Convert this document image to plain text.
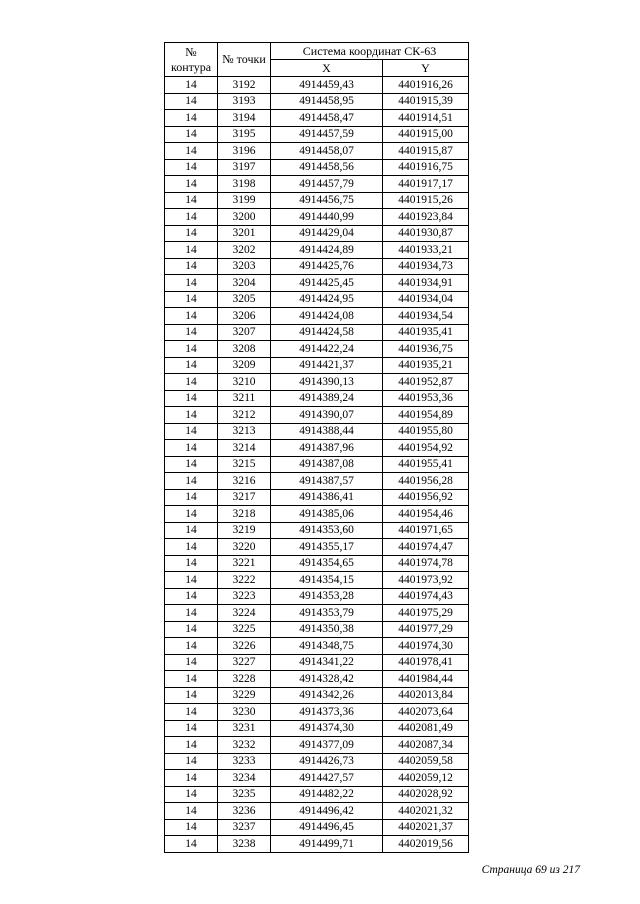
№ контура	№ точки	Система координат СК-63	
		X	Y
14	3192	4914459,43	4401916,26
14	3193	4914458,95	4401915,39
14	3194	4914458,47	4401914,51
14	3195	4914457,59	4401915,00
14	3196	4914458,07	4401915,87
14	3197	4914458,56	4401916,75
14	3198	4914457,79	4401917,17
14	3199	4914456,75	4401915,26
14	3200	4914440,99	4401923,84
14	3201	4914429,04	4401930,87
14	3202	4914424,89	4401933,21
14	3203	4914425,76	4401934,73
14	3204	4914425,45	4401934,91
14	3205	4914424,95	4401934,04
14	3206	4914424,08	4401934,54
14	3207	4914424,58	4401935,41
14	3208	4914422,24	4401936,75
14	3209	4914421,37	4401935,21
14	3210	4914390,13	4401952,87
14	3211	4914389,24	4401953,36
14	3212	4914390,07	4401954,89
14	3213	4914388,44	4401955,80
14	3214	4914387,96	4401954,92
14	3215	4914387,08	4401955,41
14	3216	4914387,57	4401956,28
14	3217	4914386,41	4401956,92
14	3218	4914385,06	4401954,46
14	3219	4914353,60	4401971,65
14	3220	4914355,17	4401974,47
14	3221	4914354,65	4401974,78
14	3222	4914354,15	4401973,92
14	3223	4914353,28	4401974,43
14	3224	4914353,79	4401975,29
14	3225	4914350,38	4401977,29
14	3226	4914348,75	4401974,30
14	3227	4914341,22	4401978,41
14	3228	4914328,42	4401984,44
14	3229	4914342,26	4402013,84
14	3230	4914373,36	4402073,64
14	3231	4914374,30	4402081,49
14	3232	4914377,09	4402087,34
14	3233	4914426,73	4402059,58
14	3234	4914427,57	4402059,12
14	3235	4914482,22	4402028,92
14	3236	4914496,42	4402021,32
14	3237	4914496,45	4402021,37
14	3238	4914499,71	4402019,56
Страница 69 из 217
